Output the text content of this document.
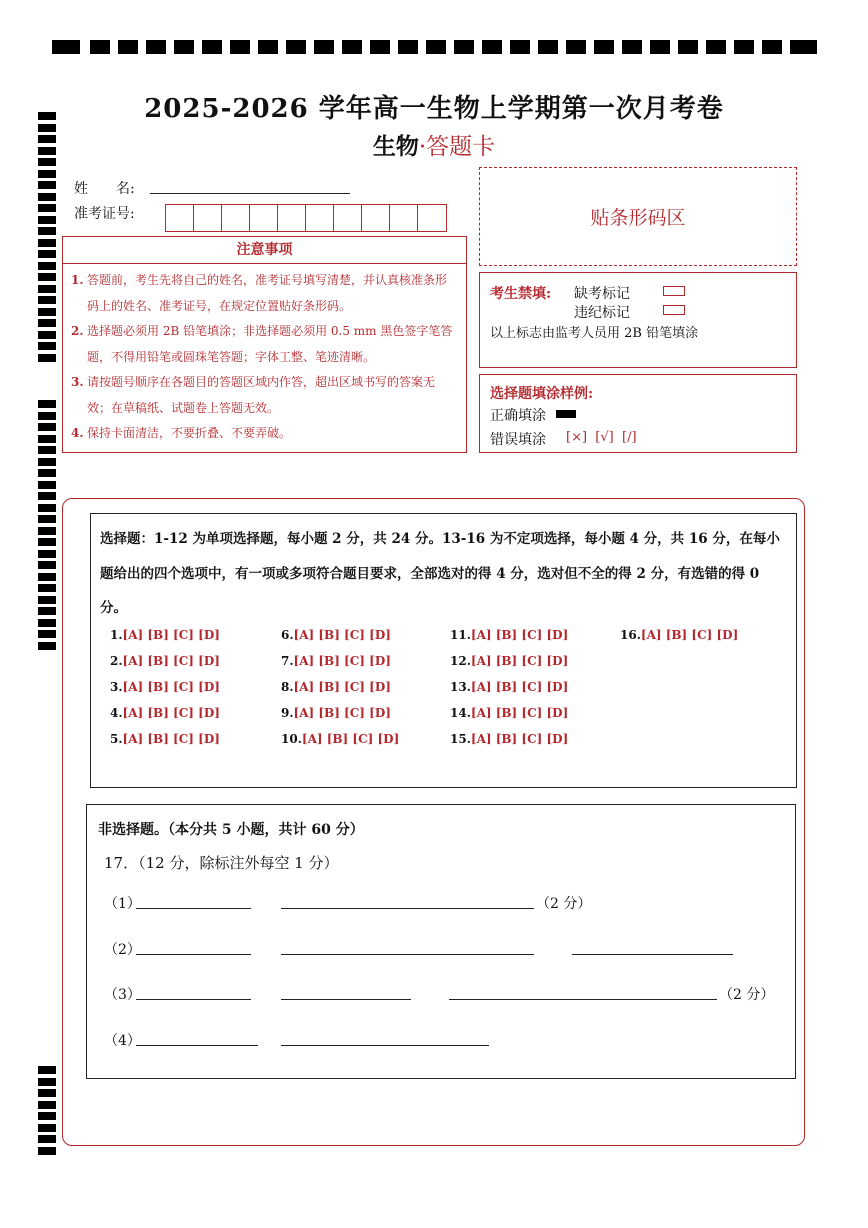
2025-2026 学年高一生物上学期第一次月考卷
生物·答题卡
姓　　名:
准考证号:	贴条形码区
注意事项
1. 答题前，考生先将自己的姓名，准考证号填写清楚，并认真核准条形码上的姓名、准考证号，在规定位置贴好条形码。
2. 选择题必须用 2B 铅笔填涂；非选择题必须用 0.5 mm 黑色签字笔答题，不得用铅笔或圆珠笔答题；字体工整、笔迹清晰。
3. 请按题号顺序在各题目的答题区域内作答，超出区域书写的答案无效；在草稿纸、试题卷上答题无效。
4. 保持卡面清洁，不要折叠、不要弄破。
考生禁填: 缺考标记
违纪标记
以上标志由监考人员用 2B 铅笔填涂
选择题填涂样例:
正确填涂
错误填涂 [×]  [√]  [/]
选择题：1-12 为单项选择题，每小题 2 分，共 24 分。13-16 为不定项选择，每小题 4 分，共 16 分，在每小题给出的四个选项中，有一项或多项符合题目要求，全部选对的得 4 分，选对但不全的得 2 分，有选错的得 0 分。
1.[A] [B] [C] [D]
2.[A] [B] [C] [D]
3.[A] [B] [C] [D]
4.[A] [B] [C] [D]
5.[A] [B] [C] [D]
6.[A] [B] [C] [D]
7.[A] [B] [C] [D]
8.[A] [B] [C] [D]
9.[A] [B] [C] [D]
10.[A] [B] [C] [D]
11.[A] [B] [C] [D]
12.[A] [B] [C] [D]
13.[A] [B] [C] [D]
14.[A] [B] [C] [D]
15.[A] [B] [C] [D]
16.[A] [B] [C] [D]
非选择题。（本分共 5 小题，共计 60 分）
17．（12 分，除标注外每空 1 分）
（1）	（2 分）
（2）
（3）	（2 分）
（4）
